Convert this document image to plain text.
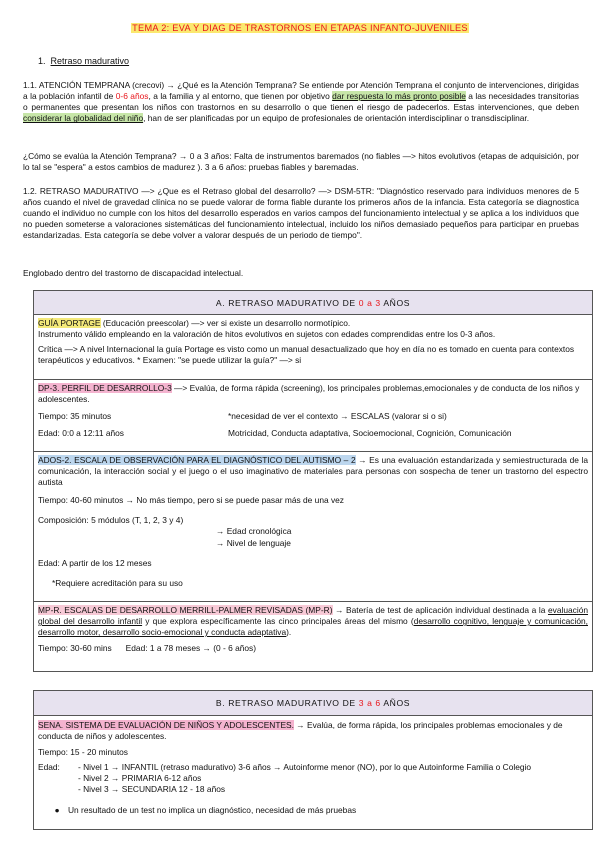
TEMA 2: EVA Y DIAG DE TRASTORNOS EN ETAPAS INFANTO-JUVENILES
1. Retraso madurativo

1.1. ATENCIÓN TEMPRANA (crecovi) → ¿Qué es la Atención Temprana? Se entiende por Atención Temprana el conjunto de intervenciones, dirigidas a la población infantil de 0-6 años, a la familia y al entorno, que tienen por objetivo dar respuesta lo más pronto posible a las necesidades transitorias o permanentes que presentan los niños con trastornos en su desarrollo o que tienen el riesgo de padecerlos. Estas intervenciones, que deben considerar la globalidad del niño, han de ser planificadas por un equipo de profesionales de orientación interdisciplinar o transdisciplinar.

¿Cómo se evalúa la Atención Temprana? → 0 a 3 años: Falta de instrumentos baremados (no fiables —> hitos evolutivos (etapas de adquisición, por lo tal se "espera" a estos cambios de madurez ). 3 a 6 años: pruebas fiables y baremadas.

1.2. RETRASO MADURATIVO —> ¿Que es el Retraso global del desarrollo? —> DSM-5TR: "Diagnóstico reservado para individuos menores de 5 años cuando el nivel de gravedad clínica no se puede valorar de forma fiable durante los primeros años de la infancia. Esta categoría se diagnostica cuando el individuo no cumple con los hitos del desarrollo esperados en varios campos del funcionamiento intelectual y se aplica a los individuos que no pueden someterse a valoraciones sistemáticas del funcionamiento intelectual, incluido los niños demasiado pequeños para participar en pruebas estandarizadas. Esta categoría se debe volver a valorar después de un periodo de tiempo".

Englobado dentro del trastorno de discapacidad intelectual.

A. RETRASO MADURATIVO DE 0 a 3 AÑOS

GUÍA PORTAGE (Educación preescolar) —> ver si existe un desarrollo normotípico.

Instrumento válido empleando en la valoración de hitos evolutivos en sujetos con edades comprendidas entre los 0-3 años.

Crítica —> A nivel Internacional la guía Portage es visto como un manual desactualizado que hoy en día no es tomado en cuenta para contextos terapéuticos y educativos. * Examen: "se puede utilizar la guía?" —> si

DP-3. PERFIL DE DESARROLLO-3 —> Evalúa, de forma rápida (screening), los principales problemas,emocionales y de conducta de los niños y adolescentes.

Tiempo: 35 minutos	*necesidad de ver el contexto → ESCALAS (valorar si o si)
Edad: 0:0 a 12:11 años	Motricidad, Conducta adaptativa, Socioemocional, Cognición, Comunicación

ADOS-2. ESCALA DE OBSERVACIÓN PARA EL DIAGNÓSTICO DEL AUTISMO – 2 → Es una evaluación estandarizada y semiestructurada de la comunicación, la interacción social y el juego o el uso imaginativo de materiales para personas con sospecha de tener un trastorno del espectro autista

Tiempo: 40-60 minutos → No más tiempo, pero si se puede pasar más de una vez

Composición: 5 módulos (T, 1, 2, 3 y 4)

→ Edad cronológica

→ Nivel de lenguaje

Edad: A partir de los 12 meses

*Requiere acreditación para su uso

MP-R. ESCALAS DE DESARROLLO MERRILL-PALMER REVISADAS (MP-R) → Batería de test de aplicación individual destinada a la evaluación global del desarrollo infantil y que explora específicamente las cinco principales áreas del mismo (desarrollo cognitivo, lenguaje y comunicación, desarrollo motor, desarrollo socio-emocional y conducta adaptativa).

Tiempo: 30-60 mins Edad: 1 a 78 meses → (0 - 6 años)

B. RETRASO MADURATIVO DE 3 a 6 AÑOS

SENA. SISTEMA DE EVALUACIÓN DE NIÑOS Y ADOLESCENTES. → Evalúa, de forma rápida, los principales problemas emocionales y de conducta de niños y adolescentes.

Tiempo: 15 - 20 minutos

Edad:	- Nivel 1 → INFANTIL (retraso madurativo) 3-6 años → Autoinforme menor (NO), por lo que Autoinforme Familia o Colegio

- Nivel 2 → PRIMARIA 6-12 años

- Nivel 3 → SECUNDARIA 12 - 18 años

●	Un resultado de un test no implica un diagnóstico, necesidad de más pruebas
